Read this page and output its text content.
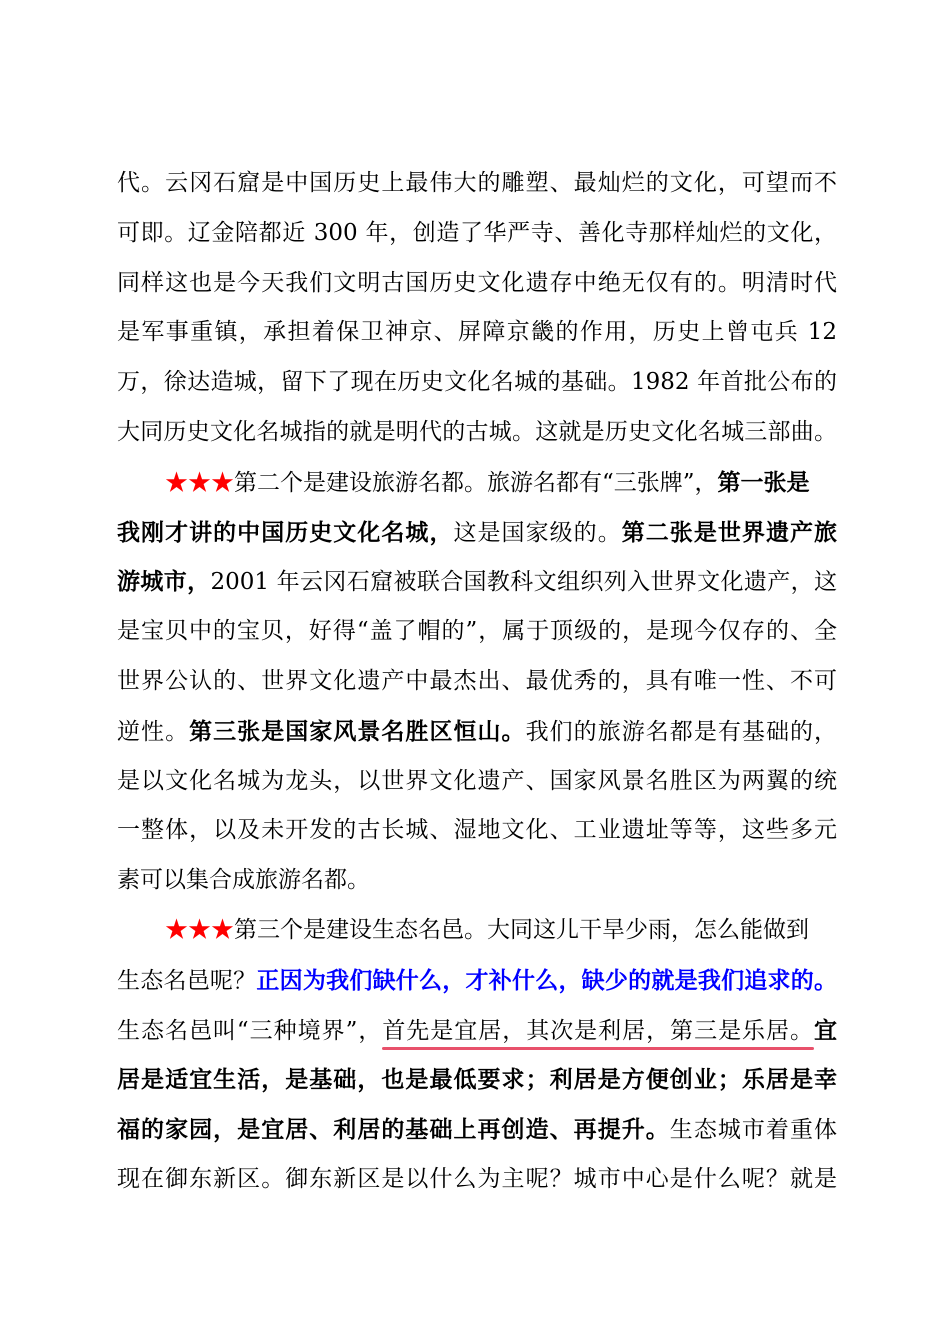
代。云冈石窟是中国历史上最伟大的雕塑、最灿烂的文化，可望而不
可即。辽金陪都近 300 年，创造了华严寺、善化寺那样灿烂的文化，
同样这也是今天我们文明古国历史文化遗存中绝无仅有的。明清时代
是军事重镇，承担着保卫神京、屏障京畿的作用，历史上曾屯兵 12
万，徐达造城，留下了现在历史文化名城的基础。1982 年首批公布的
大同历史文化名城指的就是明代的古城。这就是历史文化名城三部曲。
★★★第二个是建设旅游名都。旅游名都有“三张牌”，第一张是
我刚才讲的中国历史文化名城，这是国家级的。第二张是世界遗产旅
游城市，2001 年云冈石窟被联合国教科文组织列入世界文化遗产，这
是宝贝中的宝贝，好得“盖了帽的”，属于顶级的，是现今仅存的、全
世界公认的、世界文化遗产中最杰出、最优秀的，具有唯一性、不可
逆性。第三张是国家风景名胜区恒山。我们的旅游名都是有基础的，
是以文化名城为龙头，以世界文化遗产、国家风景名胜区为两翼的统
一整体，以及未开发的古长城、湿地文化、工业遗址等等，这些多元
素可以集合成旅游名都。
★★★第三个是建设生态名邑。大同这儿干旱少雨，怎么能做到
生态名邑呢？正因为我们缺什么，才补什么，缺少的就是我们追求的。
生态名邑叫“三种境界”，首先是宜居，其次是利居，第三是乐居。宜
居是适宜生活，是基础，也是最低要求；利居是方便创业；乐居是幸
福的家园，是宜居、利居的基础上再创造、再提升。生态城市着重体
现在御东新区。御东新区是以什么为主呢？城市中心是什么呢？就是
